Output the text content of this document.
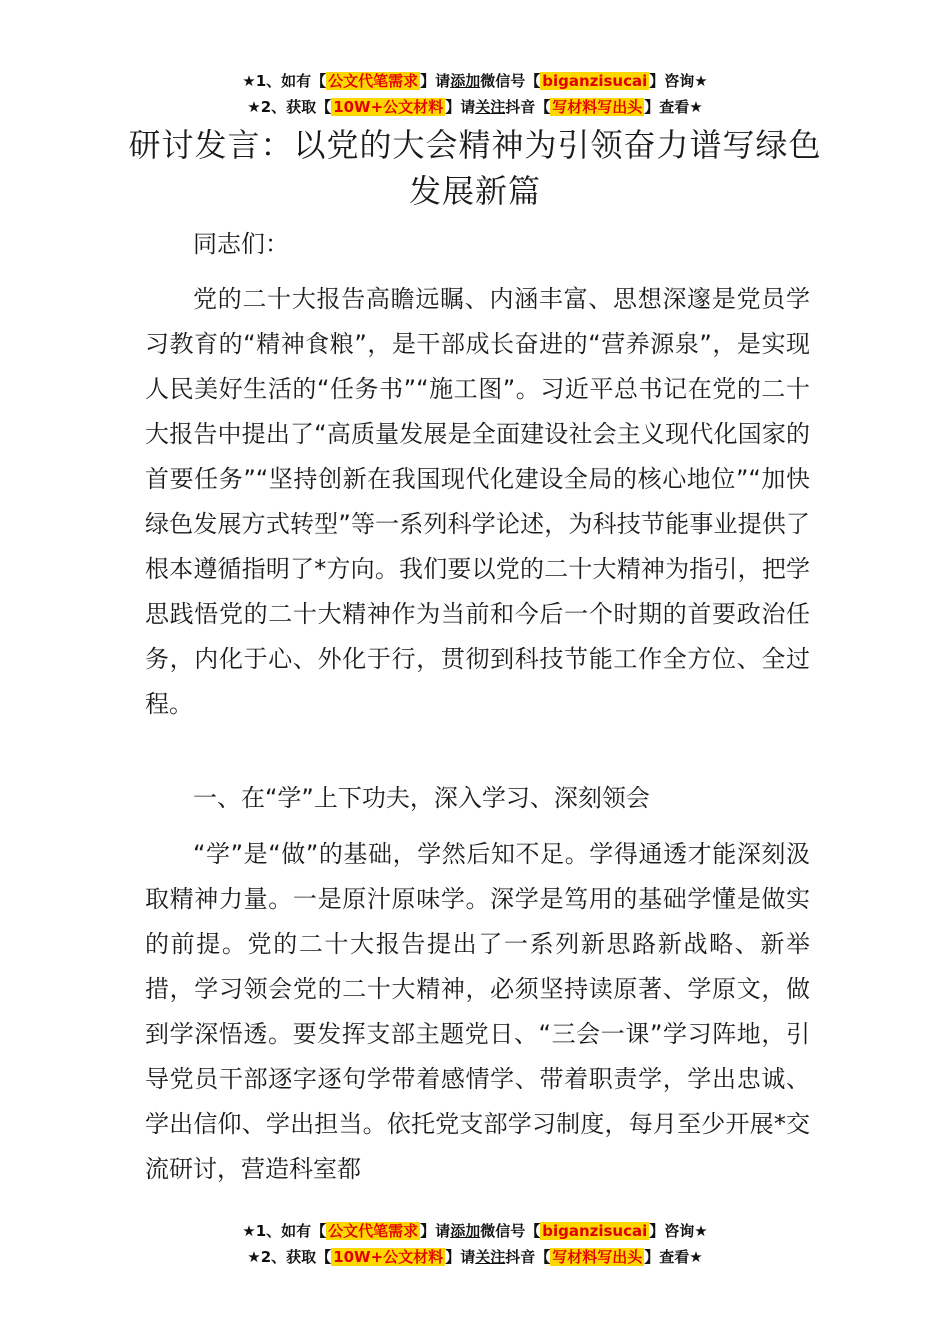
★1、如有【 公文代笔需求 】请添加微信号【 biganzisucai 】咨询★
★2、获取【 10W+公文材料 】请关注抖音【 写材料写出头 】查看★
研讨发言：以党的大会精神为引领奋力谱写绿色发展新篇

同志们：

党的二十大报告高瞻远瞩、内涵丰富、思想深邃是党员学习教育的“精神食粮”，是干部成长奋进的“营养源泉”，是实现人民美好生活的“任务书”“施工图”。习近平总书记在党的二十大报告中提出了“高质量发展是全面建设社会主义现代化国家的首要任务”“坚持创新在我国现代化建设全局的核心地位”“加快绿色发展方式转型”等一系列科学论述，为科技节能事业提供了根本遵循指明了*方向。我们要以党的二十大精神为指引，把学思践悟党的二十大精神作为当前和今后一个时期的首要政治任务，内化于心、外化于行，贯彻到科技节能工作全方位、全过程。

一、在“学”上下功夫，深入学习、深刻领会

“学”是“做”的基础，学然后知不足。学得通透才能深刻汲取精神力量。一是原汁原味学。深学是笃用的基础学懂是做实的前提。党的二十大报告提出了一系列新思路新战略、新举措，学习领会党的二十大精神，必须坚持读原著、学原文，做到学深悟透。要发挥支部主题党日、“三会一课”学习阵地，引导党员干部逐字逐句学带着感情学、带着职责学，学出忠诚、学出信仰、学出担当。依托党支部学习制度，每月至少开展*交流研讨，营造科室都

★1、如有【 公文代笔需求 】请添加微信号【 biganzisucai 】咨询★
★2、获取【 10W+公文材料 】请关注抖音【 写材料写出头 】查看★
